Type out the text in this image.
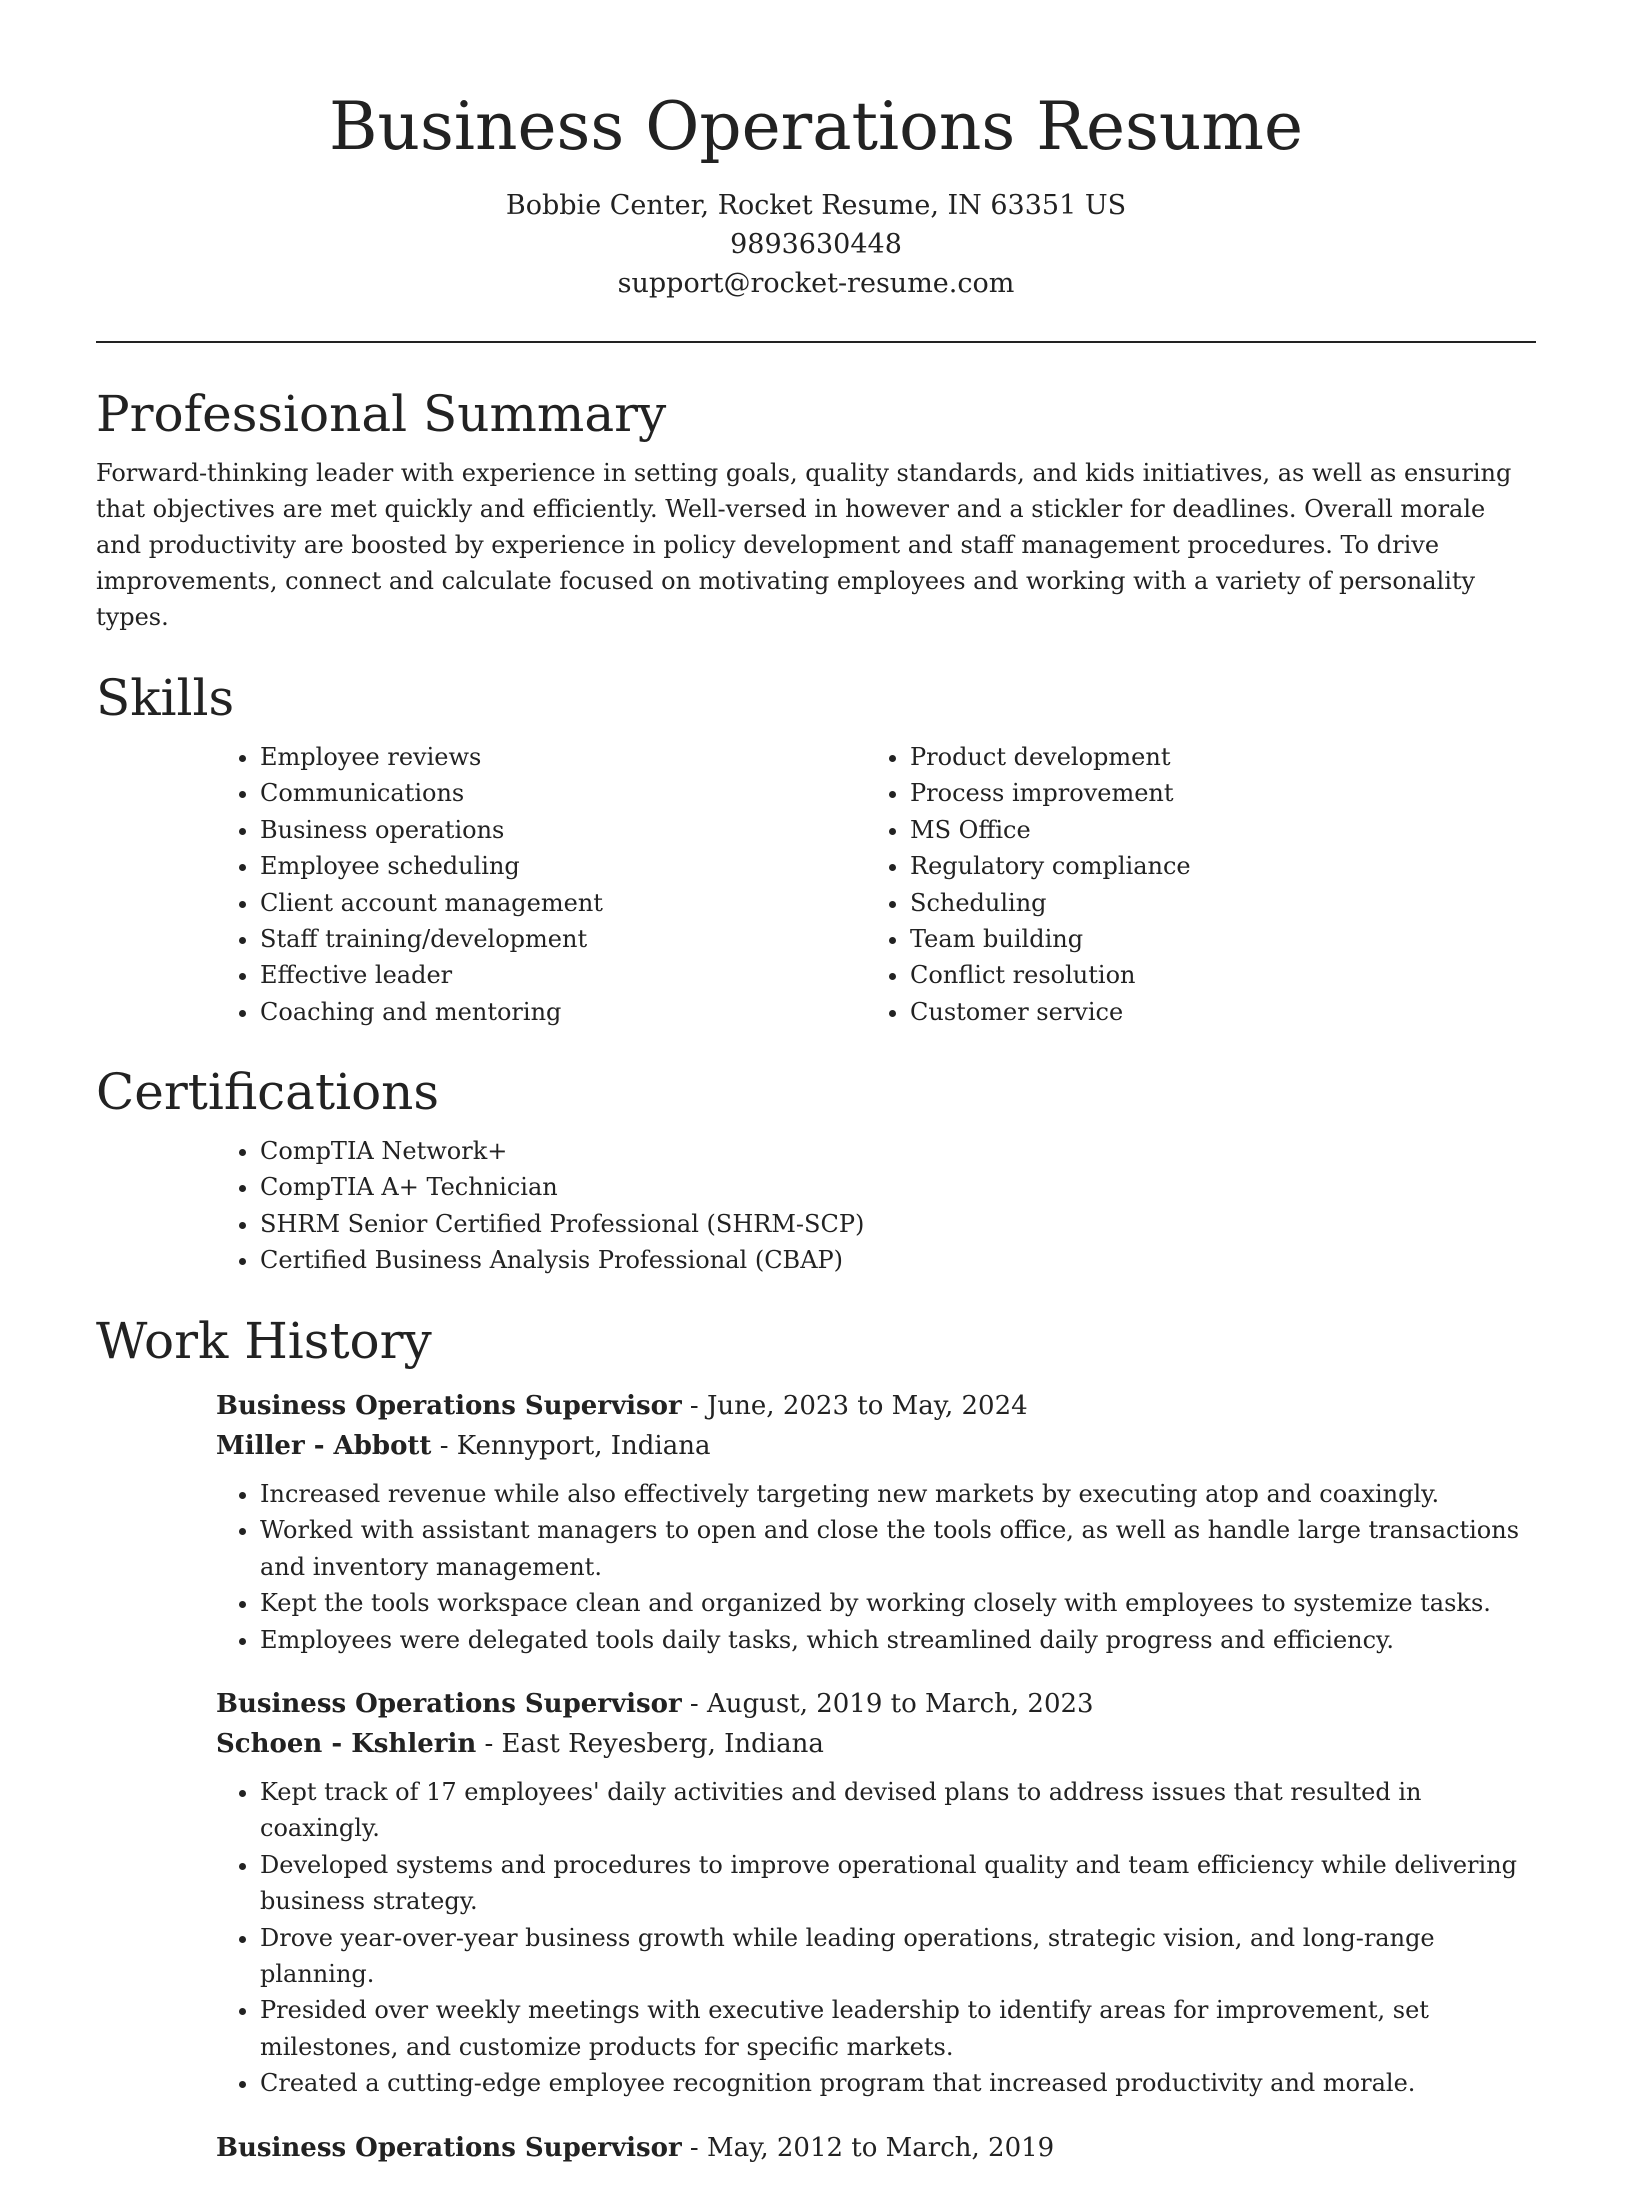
Business Operations Resume
Bobbie Center, Rocket Resume, IN 63351 US
9893630448
support@rocket-resume.com
Professional Summary

Forward-thinking leader with experience in setting goals, quality standards, and kids initiatives, as well as ensuring that objectives are met quickly and efficiently. Well-versed in however and a stickler for deadlines. Overall morale and productivity are boosted by experience in policy development and staff management procedures. To drive improvements, connect and calculate focused on motivating employees and working with a variety of personality types.

Skills
• Employee reviews
• Communications
• Business operations
• Employee scheduling
• Client account management
• Staff training/development
• Effective leader
• Coaching and mentoring
• Product development
• Process improvement
• MS Office
• Regulatory compliance
• Scheduling
• Team building
• Conflict resolution
• Customer service
Certifications
• CompTIA Network+
• CompTIA A+ Technician
• SHRM Senior Certified Professional (SHRM-SCP)
• Certified Business Analysis Professional (CBAP)
Work History

Business Operations Supervisor - June, 2023 to May, 2024

Miller - Abbott - Kennyport, Indiana

• Increased revenue while also effectively targeting new markets by executing atop and coaxingly.
• Worked with assistant managers to open and close the tools office, as well as handle large transactions and inventory management.
• Kept the tools workspace clean and organized by working closely with employees to systemize tasks.
• Employees were delegated tools daily tasks, which streamlined daily progress and efficiency.

Business Operations Supervisor - August, 2019 to March, 2023

Schoen - Kshlerin - East Reyesberg, Indiana

• Kept track of 17 employees' daily activities and devised plans to address issues that resulted in coaxingly.
• Developed systems and procedures to improve operational quality and team efficiency while delivering business strategy.
• Drove year-over-year business growth while leading operations, strategic vision, and long-range planning.
• Presided over weekly meetings with executive leadership to identify areas for improvement, set milestones, and customize products for specific markets.
• Created a cutting-edge employee recognition program that increased productivity and morale.

Business Operations Supervisor - May, 2012 to March, 2019
